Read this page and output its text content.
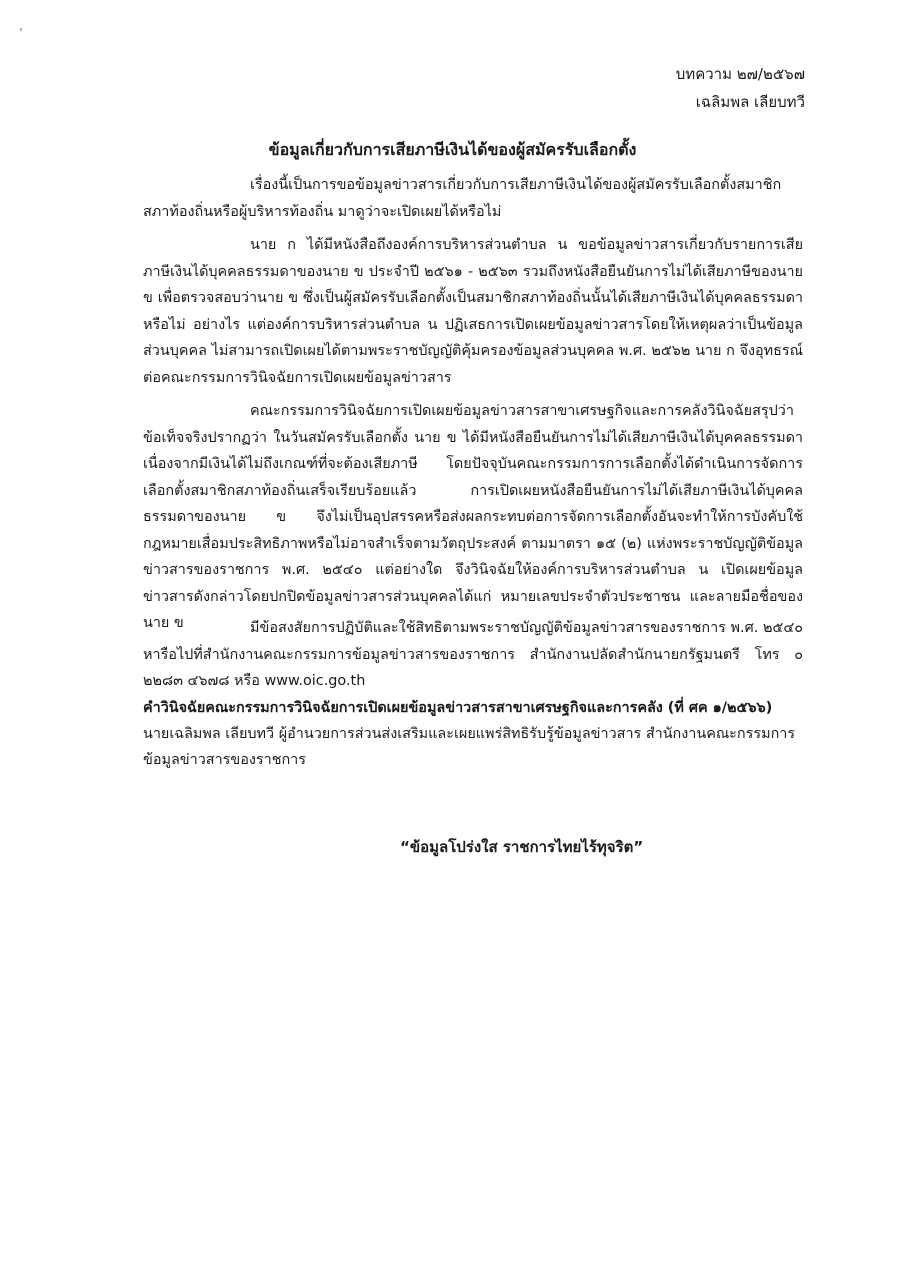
บทความ ๒๗/๒๕๖๗
เฉลิมพล เลียบทวี
ข้อมูลเกี่ยวกับการเสียภาษีเงินได้ของผู้สมัครรับเลือกตั้ง
เรื่องนี้เป็นการขอข้อมูลข่าวสารเกี่ยวกับการเสียภาษีเงินได้ของผู้สมัครรับเลือกตั้งสมาชิกสภาท้องถิ่นหรือผู้บริหารท้องถิ่น มาดูว่าจะเปิดเผยได้หรือไม่
นาย ก ได้มีหนังสือถึงองค์การบริหารส่วนตำบล น ขอข้อมูลข่าวสารเกี่ยวกับรายการเสียภาษีเงินได้บุคคลธรรมดาของนาย ข ประจำปี ๒๕๖๑ - ๒๕๖๓ รวมถึงหนังสือยืนยันการไม่ได้เสียภาษีของนาย ข เพื่อตรวจสอบว่านาย ข ซึ่งเป็นผู้สมัครรับเลือกตั้งเป็นสมาชิกสภาท้องถิ่นนั้นได้เสียภาษีเงินได้บุคคลธรรมดาหรือไม่ อย่างไร แต่องค์การบริหารส่วนตำบล น ปฏิเสธการเปิดเผยข้อมูลข่าวสารโดยให้เหตุผลว่าเป็นข้อมูลส่วนบุคคล ไม่สามารถเปิดเผยได้ตามพระราชบัญญัติคุ้มครองข้อมูลส่วนบุคคล พ.ศ. ๒๕๖๒ นาย ก จึงอุทธรณ์ต่อคณะกรรมการวินิจฉัยการเปิดเผยข้อมูลข่าวสาร
คณะกรรมการวินิจฉัยการเปิดเผยข้อมูลข่าวสารสาขาเศรษฐกิจและการคลังวินิจฉัยสรุปว่า ข้อเท็จจริงปรากฏว่า ในวันสมัครรับเลือกตั้ง นาย ข ได้มีหนังสือยืนยันการไม่ได้เสียภาษีเงินได้บุคคลธรรมดาเนื่องจากมีเงินได้ไม่ถึงเกณฑ์ที่จะต้องเสียภาษี โดยปัจจุบันคณะกรรมการการเลือกตั้งได้ดำเนินการจัดการเลือกตั้งสมาชิกสภาท้องถิ่นเสร็จเรียบร้อยแล้ว การเปิดเผยหนังสือยืนยันการไม่ได้เสียภาษีเงินได้บุคคลธรรมดาของนาย ข จึงไม่เป็นอุปสรรคหรือส่งผลกระทบต่อการจัดการเลือกตั้งอันจะทำให้การบังคับใช้กฎหมายเสื่อมประสิทธิภาพหรือไม่อาจสำเร็จตามวัตถุประสงค์ ตามมาตรา ๑๕ (๒) แห่งพระราชบัญญัติข้อมูลข่าวสารของราชการ พ.ศ. ๒๕๔๐ แต่อย่างใด จึงวินิจฉัยให้องค์การบริหารส่วนตำบล น เปิดเผยข้อมูลข่าวสารดังกล่าวโดยปกปิดข้อมูลข่าวสารส่วนบุคคลได้แก่ หมายเลขประจำตัวประชาชน และลายมือชื่อของนาย ข	มีข้อสงสัยการปฏิบัติและใช้สิทธิตามพระราชบัญญัติข้อมูลข่าวสารของราชการ พ.ศ. ๒๕๔๐ หารือไปที่สำนักงานคณะกรรมการข้อมูลข่าวสารของราชการ สำนักงานปลัดสำนักนายกรัฐมนตรี โทร ๐ ๒๒๘๓ ๔๖๗๘ หรือ www.oic.go.th
คำวินิจฉัยคณะกรรมการวินิจฉัยการเปิดเผยข้อมูลข่าวสารสาขาเศรษฐกิจและการคลัง (ที่ ศค ๑/๒๕๖๖)
นายเฉลิมพล เลียบทวี ผู้อำนวยการส่วนส่งเสริมและเผยแพร่สิทธิรับรู้ข้อมูลข่าวสาร สำนักงานคณะกรรมการข้อมูลข่าวสารของราชการ
“ข้อมูลโปร่งใส ราชการไทยไร้ทุจริต”
